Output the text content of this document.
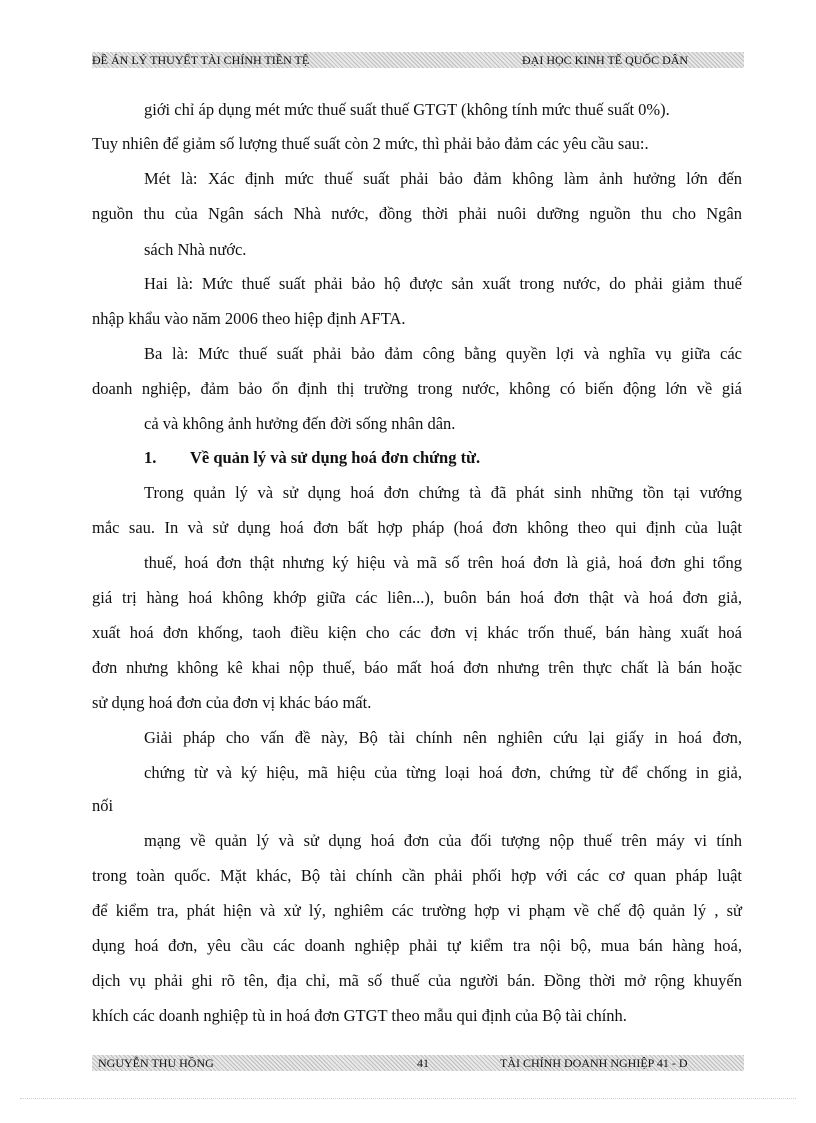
ĐỀ ÁN LÝ THUYẾT TÀI CHÍNH TIỀN TỆ	ĐẠI HỌC KINH TẾ QUỐC DÂN
giới chỉ áp dụng mét mức thuế suất thuế GTGT (không tính mức thuế suất 0%).
Tuy nhiên để giảm số lượng thuế suất còn 2 mức, thì phải bảo đảm các yêu cầu sau:.
Mét là: Xác định mức thuế suất phải bảo đảm không làm ảnh hưởng lớn đến
nguồn thu của Ngân sách Nhà nước, đồng thời phải nuôi dưỡng nguồn thu cho Ngân
sách Nhà nước.
Hai là: Mức thuế suất phải bảo hộ được sản xuất trong nước, do phải giảm thuế
nhập khẩu vào năm 2006 theo hiệp định AFTA.
Ba là: Mức thuế suất phải bảo đảm công bằng quyền lợi và nghĩa vụ giữa các
doanh nghiệp, đảm bảo ổn định thị trường trong nước, không có biến động lớn về giá
cả và không ảnh hưởng đến đời sống nhân dân.
1. Về quản lý và sử dụng hoá đơn chứng từ.
Trong quản lý và sử dụng hoá đơn chứng tà đã phát sinh những tồn tại vướng
mắc sau. In và sử dụng hoá đơn bất hợp pháp (hoá đơn không theo qui định của luật
thuế, hoá đơn thật nhưng ký hiệu và mã số trên hoá đơn là giả, hoá đơn ghi tổng
giá trị hàng hoá không khớp giữa các liên...), buôn bán hoá đơn thật và hoá đơn giả,
xuất hoá đơn khống, taoh điều kiện cho các đơn vị khác trốn thuế, bán hàng xuất hoá
đơn nhưng không kê khai nộp thuế, báo mất hoá đơn nhưng trên thực chất là bán hoặc
sử dụng hoá đơn của đơn vị khác báo mất.
Giải pháp cho vấn đề này, Bộ tài chính nên nghiên cứu lại giấy in hoá đơn,
chứng từ và ký hiệu, mã hiệu của từng loại hoá đơn, chứng từ để chống in giả,
nối
mạng về quản lý và sử dụng hoá đơn của đối tượng nộp thuế trên máy vi tính
trong toàn quốc. Mặt khác, Bộ tài chính cần phải phối hợp với các cơ quan pháp luật
để kiểm tra, phát hiện và xử lý, nghiêm các trường hợp vi phạm về chế độ quản lý , sử
dụng hoá đơn, yêu cầu các doanh nghiệp phải tự kiểm tra nội bộ, mua bán hàng hoá,
dịch vụ phải ghi rõ tên, địa chỉ, mã số thuế của người bán. Đồng thời mở rộng khuyến
khích các doanh nghiệp tù in hoá đơn GTGT theo mẫu qui định của Bộ tài chính.
NGUYỄN THU HỒNG	41	TÀI CHÍNH DOANH NGHIỆP 41 - D
